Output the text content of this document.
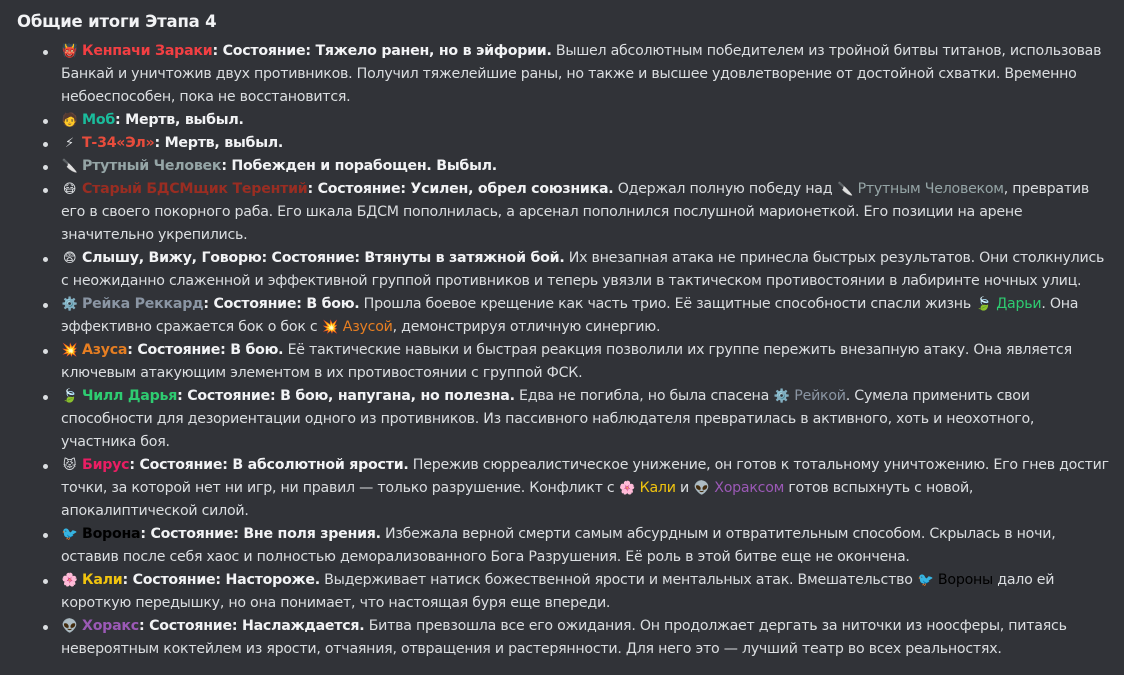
Общие итоги Этапа 4
👹 Кенпачи Зараки: Состояние: Тяжело ранен, но в эйфории. Вышел абсолютным победителем из тройной битвы титанов, использовав Банкай и уничтожив двух противников. Получил тяжелейшие раны, но также и высшее удовлетворение от достойной схватки. Временно небоеспособен, пока не восстановится.
🧑 Моб: Мертв, выбыл.
⚡ Т-34«Эл»: Мертв, выбыл.
🔪 Ртутный Человек: Побежден и порабощен. Выбыл.
😷 Старый БДСМщик Терентий: Состояние: Усилен, обрел союзника. Одержал полную победу над 🔪 Ртутным Человеком, превратив его в своего покорного раба. Его шкала БДСМ пополнилась, а арсенал пополнился послушной марионеткой. Его позиции на арене значительно укрепились.
😨 Слышу, Вижу, Говорю: Состояние: Втянуты в затяжной бой. Их внезапная атака не принесла быстрых результатов. Они столкнулись с неожиданно слаженной и эффективной группой противников и теперь увязли в тактическом противостоянии в лабиринте ночных улиц.
⚙️ Рейка Реккард: Состояние: В бою. Прошла боевое крещение как часть трио. Её защитные способности спасли жизнь 🍃 Дарьи. Она эффективно сражается бок о бок с 💥 Азусой, демонстрируя отличную синергию.
💥 Азуса: Состояние: В бою. Её тактические навыки и быстрая реакция позволили их группе пережить внезапную атаку. Она является ключевым атакующим элементом в их противостоянии с группой ФСК.
🍃 Чилл Дарья: Состояние: В бою, напугана, но полезна. Едва не погибла, но была спасена ⚙️ Рейкой. Сумела применить свои способности для дезориентации одного из противников. Из пассивного наблюдателя превратилась в активного, хоть и неохотного, участника боя.
😾 Бирус: Состояние: В абсолютной ярости. Пережив сюрреалистическое унижение, он готов к тотальному уничтожению. Его гнев достиг точки, за которой нет ни игр, ни правил — только разрушение. Конфликт с 🌸 Кали и 👽 Хораксом готов вспыхнуть с новой, апокалиптической силой.
🐦 Ворона: Состояние: Вне поля зрения. Избежала верной смерти самым абсурдным и отвратительным способом. Скрылась в ночи, оставив после себя хаос и полностью деморализованного Бога Разрушения. Её роль в этой битве еще не окончена.
🌸 Кали: Состояние: Настороже. Выдерживает натиск божественной ярости и ментальных атак. Вмешательство 🐦 Вороны дало ей короткую передышку, но она понимает, что настоящая буря еще впереди.
👽 Хоракс: Состояние: Наслаждается. Битва превзошла все его ожидания. Он продолжает дергать за ниточки из ноосферы, питаясь невероятным коктейлем из ярости, отчаяния, отвращения и растерянности. Для него это — лучший театр во всех реальностях.
